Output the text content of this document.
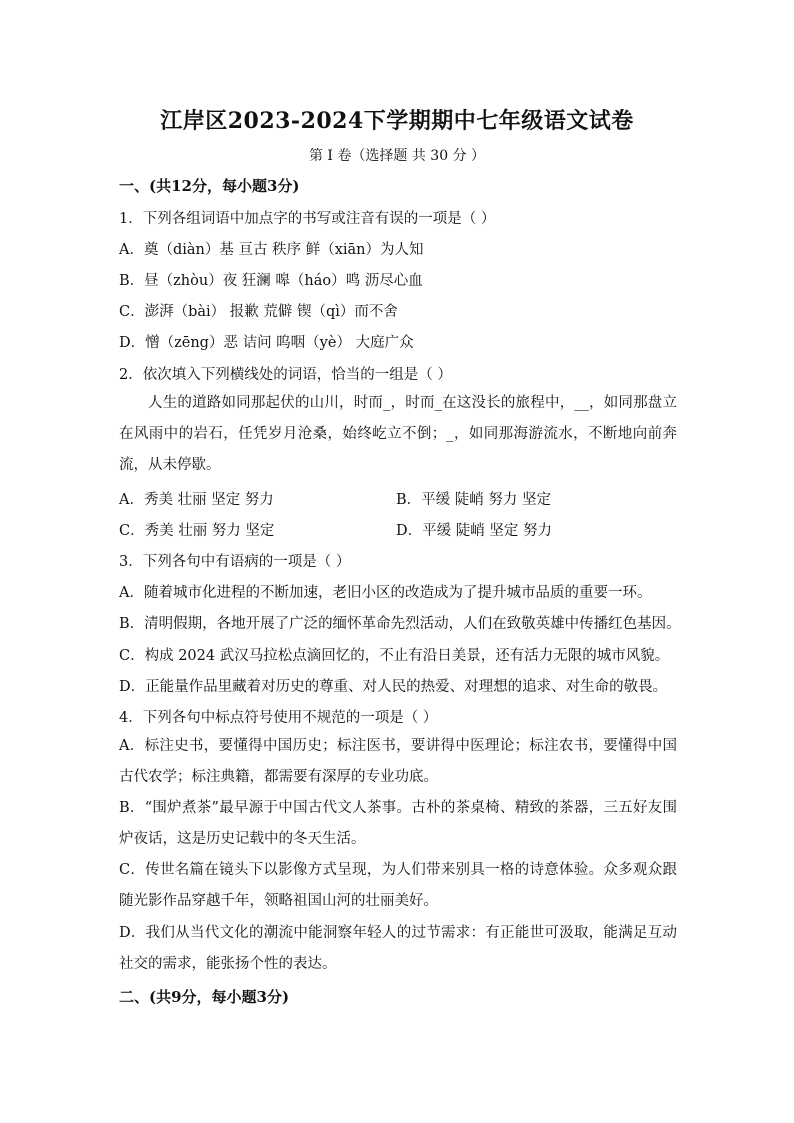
江岸区2023-2024下学期期中七年级语文试卷
第 I 卷（选择题 共 30 分 ）
一、(共12分，每小题3分)
1．下列各组词语中加点字的书写或注音有误的一项是（ ）
A．奠（diàn）基 亘古 秩序 鲜（xiān）为人知
B．昼（zhòu）夜 狂澜 嗥（háo）鸣 沥尽心血
C．澎湃（bài） 报歉 荒僻 锲（qì）而不舍
D．憎（zēng）恶 诘问 呜咽（yè） 大庭广众
2．依次填入下列横线处的词语，恰当的一组是（ ）
人生的道路如同那起伏的山川，时而_，时而_在这没长的旅程中，__，如同那盘立在风雨中的岩石，任凭岁月沧桑，始终屹立不倒；_，如同那海游流水，不断地向前奔流，从未停歇。
A．秀美 壮丽 坚定 努力	B．平缓 陡峭 努力 坚定
C．秀美 壮丽 努力 坚定	D．平缓 陡峭 坚定 努力
3．下列各句中有语病的一项是（ ）
A．随着城市化进程的不断加速，老旧小区的改造成为了提升城市品质的重要一环。
B．清明假期，各地开展了广泛的缅怀革命先烈活动，人们在致敬英雄中传播红色基因。
C．构成 2024 武汉马拉松点滴回忆的，不止有沿日美景，还有活力无限的城市风貌。
D．正能量作品里藏着对历史的尊重、对人民的热爱、对理想的追求、对生命的敬畏。
4．下列各句中标点符号使用不规范的一项是（ ）
A．标注史书，要懂得中国历史；标注医书，要讲得中医理论；标注农书，要懂得中国古代农学；标注典籍，都需要有深厚的专业功底。
B．“围炉煮茶”最早源于中国古代文人茶事。古朴的茶桌椅、精致的茶器，三五好友围炉夜话，这是历史记载中的冬天生活。
C．传世名篇在镜头下以影像方式呈现，为人们带来别具一格的诗意体验。众多观众跟随光影作品穿越千年，领略祖国山河的壮丽美好。
D．我们从当代文化的潮流中能洞察年轻人的过节需求：有正能世可汲取，能满足互动社交的需求，能张扬个性的表达。
二、(共9分，每小题3分)
